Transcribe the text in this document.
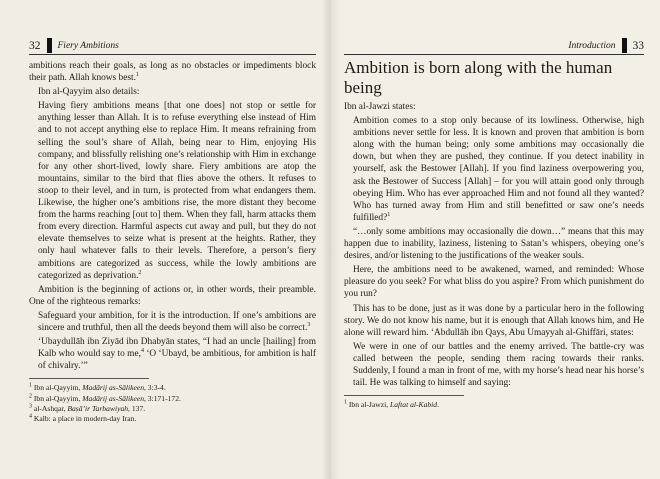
32 Fiery Ambitions

ambitions reach their goals, as long as no obstacles or impediments block their path. Allah knows best.$^1$

Ibn al-Qayyim also details:

Having fiery ambitions means [that one does] not stop or settle for anything lesser than Allah. It is to refuse everything else instead of Him and to not accept anything else to replace Him. It means refraining from selling the soul’s share of Allah, being near to Him, enjoying His company, and blissfully relishing one’s relationship with Him in exchange for any other short-lived, lowly share. Fiery ambitions are atop the mountains, similar to the bird that flies above the others. It refuses to stoop to their level, and in turn, is protected from what endangers them. Likewise, the higher one’s ambitions rise, the more distant they become from the harms reaching [out to] them. When they fall, harm attacks them from every direction. Harmful aspects cut away and pull, but they do not elevate themselves to seize what is present at the heights. Rather, they only haul whatever falls to their levels. Therefore, a person’s fiery ambitions are categorized as success, while the lowly ambitions are categorized as deprivation.$^2$

Ambition is the beginning of actions or, in other words, their preamble. One of the righteous remarks:

Safeguard your ambition, for it is the introduction. If one’s ambitions are sincere and truthful, then all the deeds beyond them will also be correct.$^3$

‘Ubaydullāh ibn Ziyād ibn Dhabyān states, “I had an uncle [hailing] from Kalb who would say to me,$^4$ ‘O ‘Ubayd, be ambitious, for ambition is half of chivalry.’”

$^1$ Ibn al-Qayyim, Madārij as-Sālikeen, 3:3-4.
$^2$ Ibn al-Qayyim, Madārij as-Sālikeen, 3:171-172.
$^3$ al-Ashqar, Baṣā’ir Tarbawiyah, 137.
$^4$ Kalb: a place in modern-day Iran.
Introduction 33
Ambition is born along with the human being

Ibn al-Jawzi states:

Ambition comes to a stop only because of its lowliness. Otherwise, high ambitions never settle for less. It is known and proven that ambition is born along with the human being; only some ambitions may occasionally die down, but when they are pushed, they continue. If you detect inability in yourself, ask the Bestower [Allah]. If you find laziness overpowering you, ask the Bestower of Success [Allah] – for you will attain good only through obeying Him. Who has ever approached Him and not found all they wanted? Who has turned away from Him and still benefitted or saw one’s needs fulfilled?$^1$

“…only some ambitions may occasionally die down…” means that this may happen due to inability, laziness, listening to Satan’s whispers, obeying one’s desires, and/or listening to the justifications of the weaker souls.

Here, the ambitions need to be awakened, warned, and reminded: Whose pleasure do you seek? For what bliss do you aspire? From which punishment do you run?

This has to be done, just as it was done by a particular hero in the following story. We do not know his name, but it is enough that Allah knows him, and He alone will reward him. ‘Abdullāh ibn Qays, Abu Umayyah al-Ghiffāri, states:

We were in one of our battles and the enemy arrived. The battle-cry was called between the people, sending them racing towards their ranks. Suddenly, I found a man in front of me, with my horse’s head near his horse’s tail. He was talking to himself and saying:

$^1$ Ibn al-Jawzi, Laftat al-Kabid.
